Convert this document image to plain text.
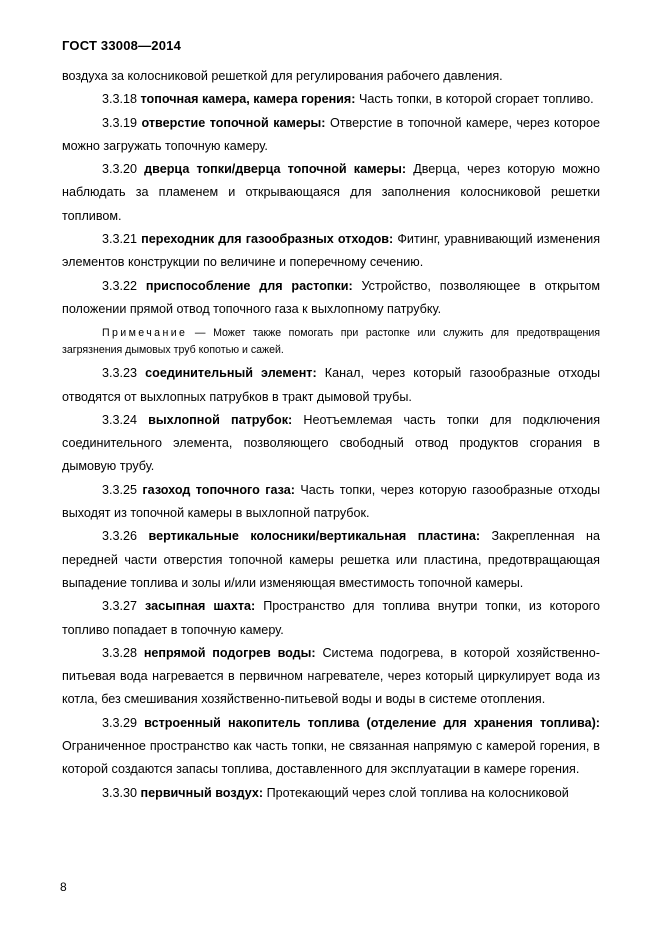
ГОСТ 33008—2014

воздуха за колосниковой решеткой для регулирования рабочего давления.

3.3.18 топочная камера, камера горения: Часть топки, в которой сгорает топливо.

3.3.19 отверстие топочной камеры: Отверстие в топочной камере, через которое можно загружать топочную камеру.

3.3.20 дверца топки/дверца топочной камеры: Дверца, через которую можно наблюдать за пламенем и открывающаяся для заполнения колосниковой решетки топливом.

3.3.21 переходник для газообразных отходов: Фитинг, уравнивающий изменения элементов конструкции по величине и поперечному сечению.

3.3.22 приспособление для растопки: Устройство, позволяющее в открытом положении прямой отвод топочного газа к выхлопному патрубку.

Примечание — Может также помогать при растопке или служить для предотвращения загрязнения дымовых труб копотью и сажей.

3.3.23 соединительный элемент: Канал, через который газообразные отходы отводятся от выхлопных патрубков в тракт дымовой трубы.

3.3.24 выхлопной патрубок: Неотъемлемая часть топки для подключения соединительного элемента, позволяющего свободный отвод продуктов сгорания в дымовую трубу.

3.3.25 газоход топочного газа: Часть топки, через которую газообразные отходы выходят из топочной камеры в выхлопной патрубок.

3.3.26 вертикальные колосники/вертикальная пластина: Закрепленная на передней части отверстия топочной камеры решетка или пластина, предотвращающая выпадение топлива и золы и/или изменяющая вместимость топочной камеры.

3.3.27 засыпная шахта: Пространство для топлива внутри топки, из которого топливо попадает в топочную камеру.

3.3.28 непрямой подогрев воды: Система подогрева, в которой хозяйственно-питьевая вода нагревается в первичном нагревателе, через который циркулирует вода из котла, без смешивания хозяйственно-питьевой воды и воды в системе отопления.

3.3.29 встроенный накопитель топлива (отделение для хранения топлива): Ограниченное пространство как часть топки, не связанная напрямую с камерой горения, в которой создаются запасы топлива, доставленного для эксплуатации в камере горения.

3.3.30 первичный воздух: Протекающий через слой топлива на колосниковой

8
